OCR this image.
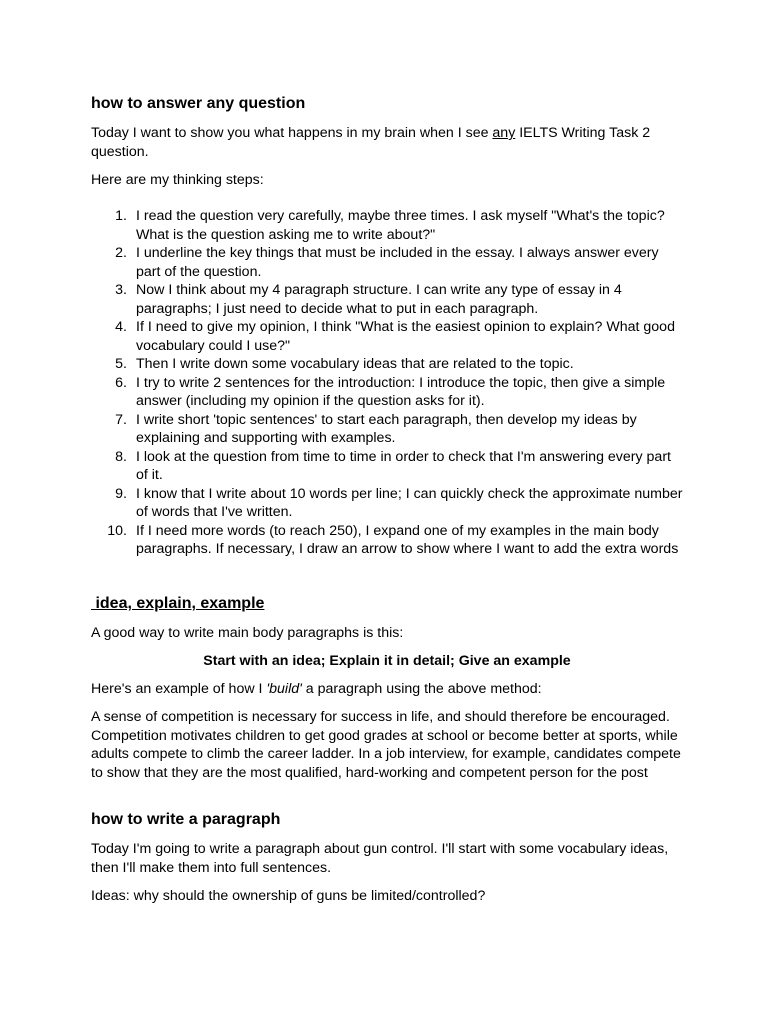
how to answer any question

Today I want to show you what happens in my brain when I see any IELTS Writing Task 2 question.

Here are my thinking steps:

1. I read the question very carefully, maybe three times. I ask myself "What's the topic? What is the question asking me to write about?"
2. I underline the key things that must be included in the essay. I always answer every part of the question.
3. Now I think about my 4 paragraph structure. I can write any type of essay in 4 paragraphs; I just need to decide what to put in each paragraph.
4. If I need to give my opinion, I think "What is the easiest opinion to explain? What good vocabulary could I use?"
5. Then I write down some vocabulary ideas that are related to the topic.
6. I try to write 2 sentences for the introduction: I introduce the topic, then give a simple answer (including my opinion if the question asks for it).
7. I write short 'topic sentences' to start each paragraph, then develop my ideas by explaining and supporting with examples.
8. I look at the question from time to time in order to check that I'm answering every part of it.
9. I know that I write about 10 words per line; I can quickly check the approximate number of words that I've written.
10. If I need more words (to reach 250), I expand one of my examples in the main body paragraphs. If necessary, I draw an arrow to show where I want to add the extra words
idea, explain, example

A good way to write main body paragraphs is this:

Start with an idea; Explain it in detail; Give an example

Here's an example of how I 'build' a paragraph using the above method:

A sense of competition is necessary for success in life, and should therefore be encouraged. Competition motivates children to get good grades at school or become better at sports, while adults compete to climb the career ladder. In a job interview, for example, candidates compete to show that they are the most qualified, hard-working and competent person for the post

how to write a paragraph

Today I'm going to write a paragraph about gun control. I'll start with some vocabulary ideas, then I'll make them into full sentences.

Ideas: why should the ownership of guns be limited/controlled?
